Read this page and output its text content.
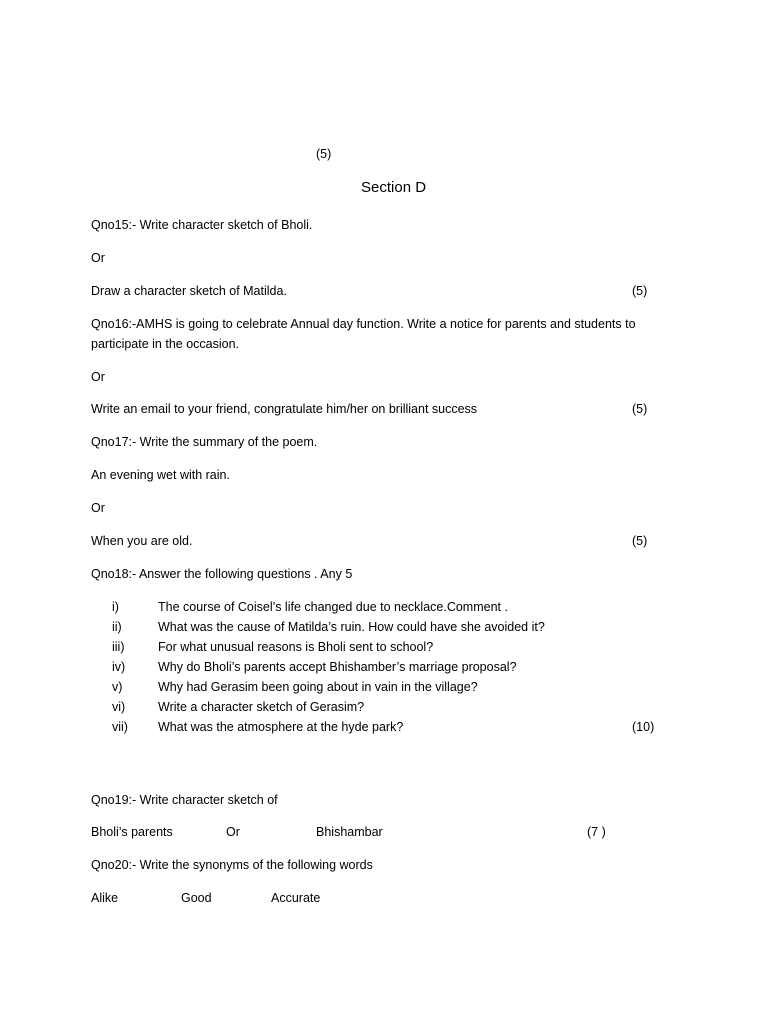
(5)
Section D
Qno15:- Write character sketch of Bholi.
Or
Draw a character sketch of Matilda.	(5)
Qno16:-AMHS is going to celebrate Annual day function. Write a notice for parents and students to
participate in the occasion.
Or
Write an email to your friend, congratulate him/her on brilliant success	(5)
Qno17:- Write the summary of the poem.
An evening wet with rain.
Or
When you are old.	(5)
Qno18:- Answer the following questions . Any 5
i)	The course of Coisel’s life changed due to necklace.Comment .
ii)	What was the cause of Matilda’s ruin. How could have she avoided it?
iii)	For what unusual reasons is Bholi sent to school?
iv)	Why do Bholi’s parents accept Bhishamber’s marriage proposal?
v)	Why had Gerasim been going about in vain in the village?
vi)	Write a character sketch of Gerasim?
vii) What was the atmosphere at the hyde park?	(10)
Qno19:- Write character sketch of
Bholi’s parents	Or	Bhishambar	(7 )
Qno20:- Write the synonyms of the following words
Alike	Good	Accurate
